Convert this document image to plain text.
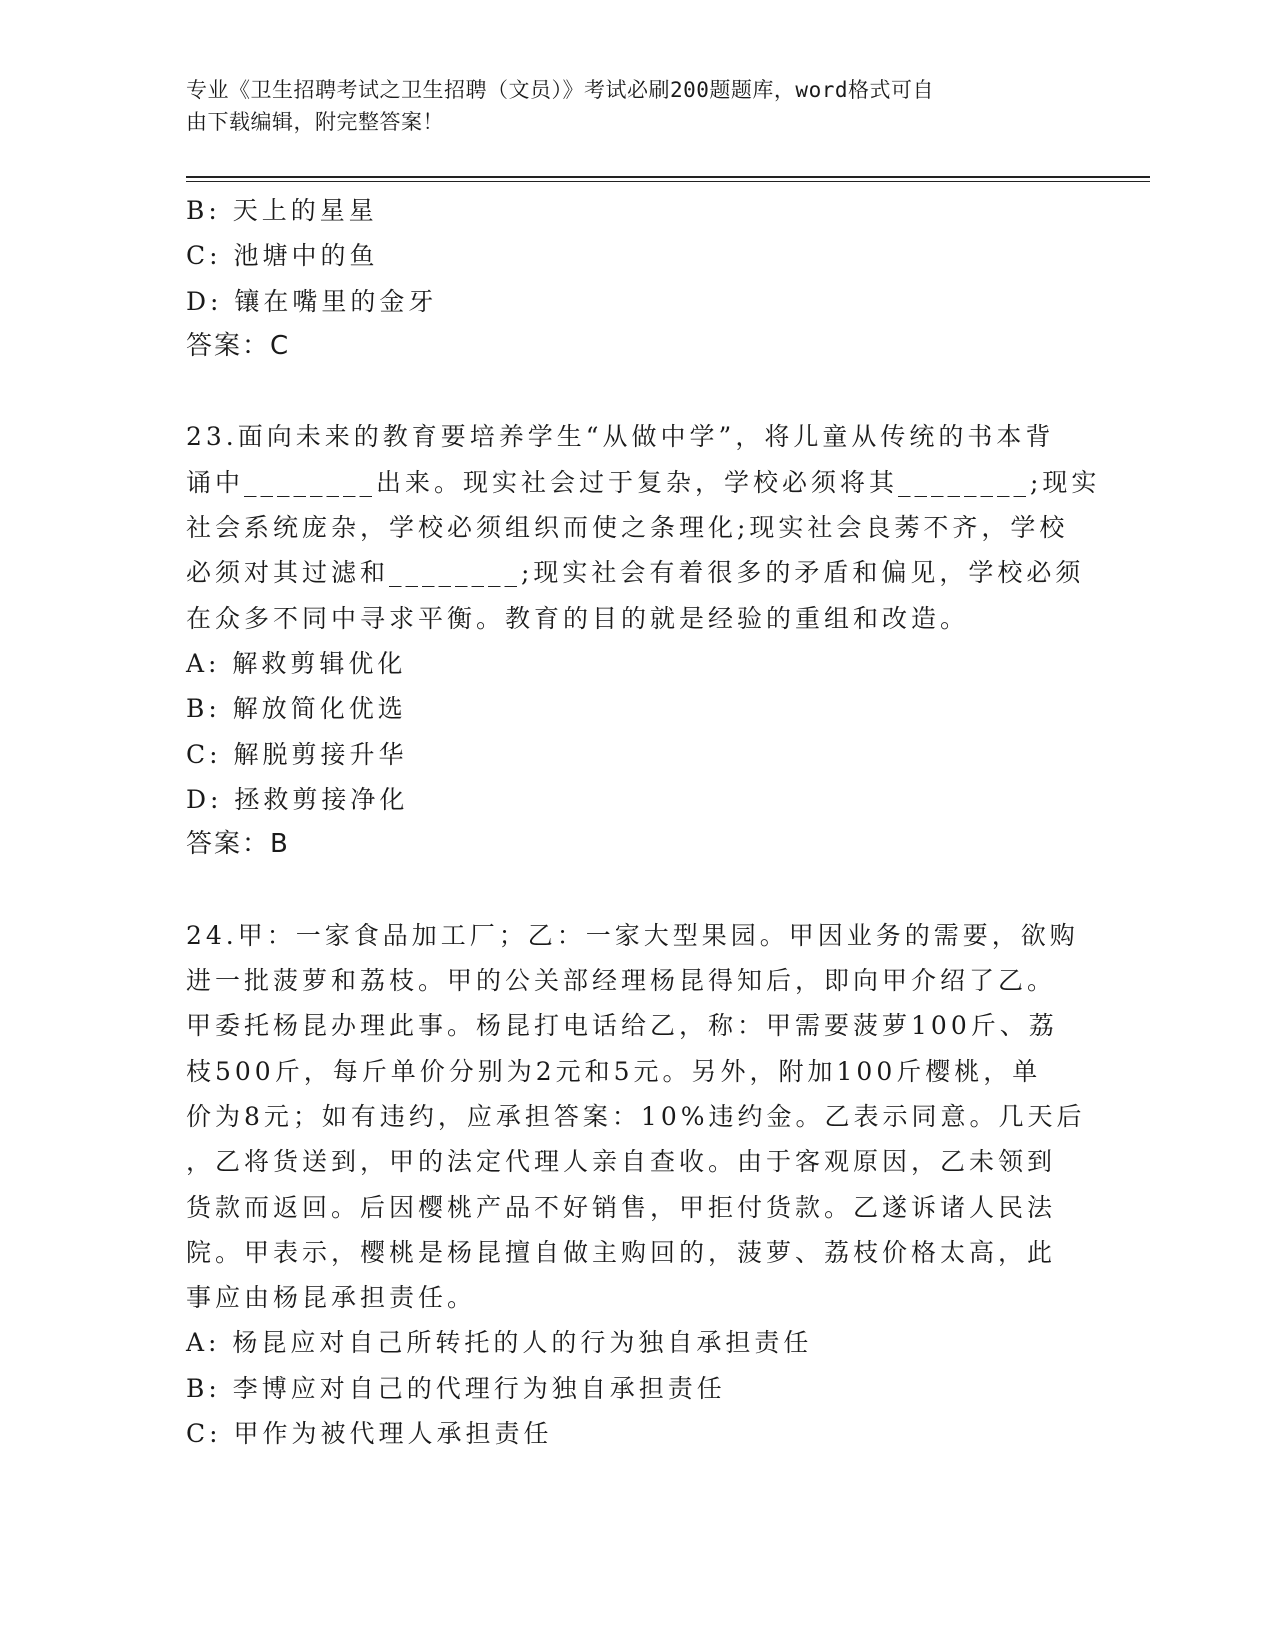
专业《卫生招聘考试之卫生招聘（文员）》考试必刷200题题库，word格式可自
由下载编辑，附完整答案！
B: 天上的星星
C: 池塘中的鱼
D: 镶在嘴里的金牙
答案：C
23.面向未来的教育要培养学生“从做中学”，将儿童从传统的书本背
诵中________出来。现实社会过于复杂，学校必须将其________;现实
社会系统庞杂，学校必须组织而使之条理化;现实社会良莠不齐，学校
必须对其过滤和________;现实社会有着很多的矛盾和偏见，学校必须
在众多不同中寻求平衡。教育的目的就是经验的重组和改造。
A: 解救剪辑优化
B: 解放简化优选
C: 解脱剪接升华
D: 拯救剪接净化
答案：B
24.甲：一家食品加工厂；乙：一家大型果园。甲因业务的需要，欲购
进一批菠萝和荔枝。甲的公关部经理杨昆得知后，即向甲介绍了乙。
甲委托杨昆办理此事。杨昆打电话给乙，称：甲需要菠萝100斤、荔
枝500斤，每斤单价分别为2元和5元。另外，附加100斤樱桃，单
价为8元；如有违约，应承担答案：10%违约金。乙表示同意。几天后
，乙将货送到，甲的法定代理人亲自查收。由于客观原因，乙未领到
货款而返回。后因樱桃产品不好销售，甲拒付货款。乙遂诉诸人民法
院。甲表示，樱桃是杨昆擅自做主购回的，菠萝、荔枝价格太高，此
事应由杨昆承担责任。
A: 杨昆应对自己所转托的人的行为独自承担责任
B: 李博应对自己的代理行为独自承担责任
C: 甲作为被代理人承担责任
